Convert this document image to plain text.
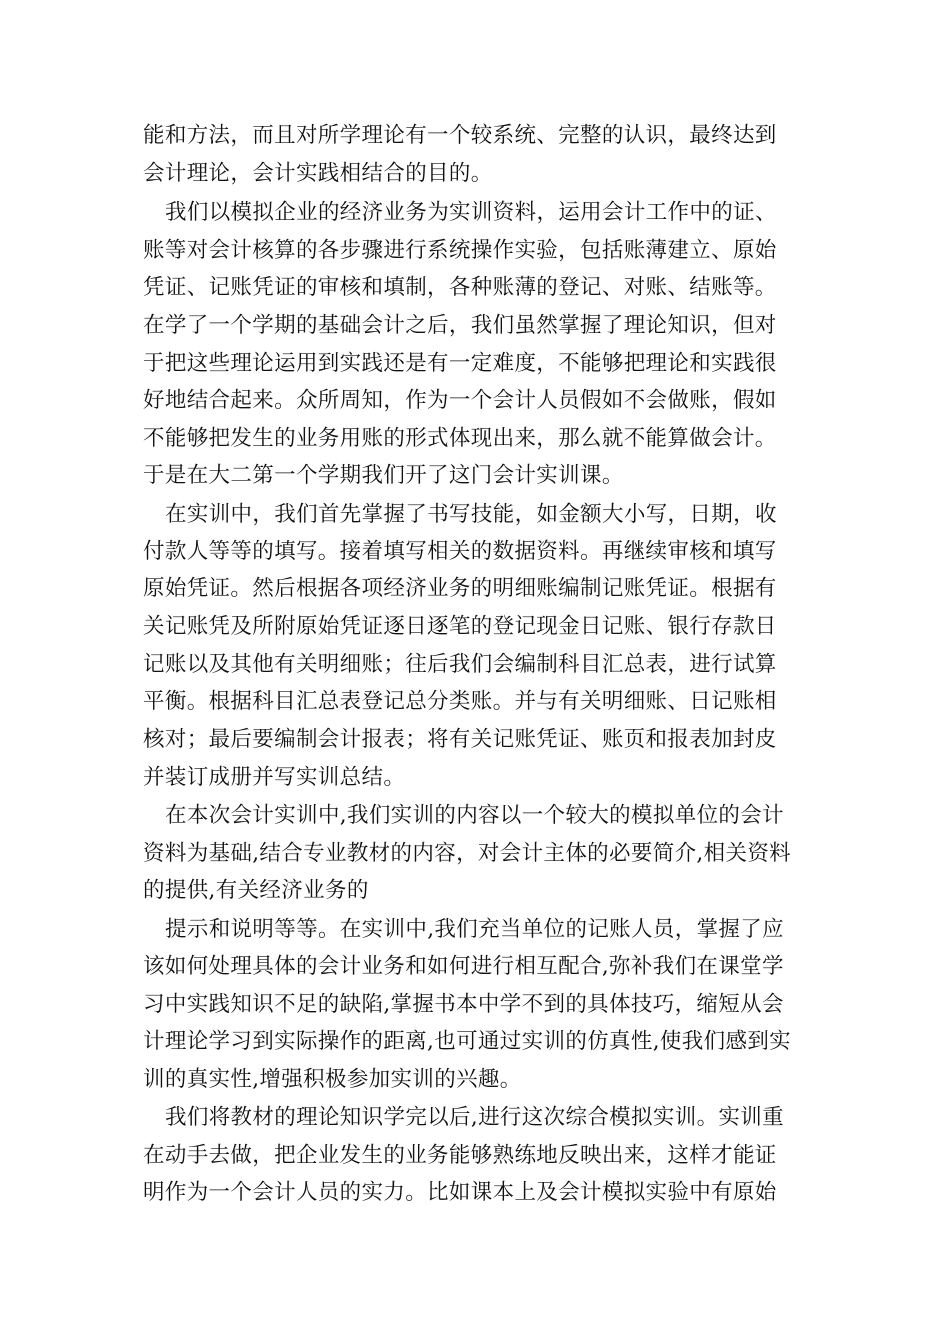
能和方法，而且对所学理论有一个较系统、完整的认识，最终达到

会计理论，会计实践相结合的目的。

我们以模拟企业的经济业务为实训资料，运用会计工作中的证、

账等对会计核算的各步骤进行系统操作实验，包括账薄建立、原始

凭证、记账凭证的审核和填制，各种账薄的登记、对账、结账等。

在学了一个学期的基础会计之后，我们虽然掌握了理论知识，但对

于把这些理论运用到实践还是有一定难度，不能够把理论和实践很

好地结合起来。众所周知，作为一个会计人员假如不会做账，假如

不能够把发生的业务用账的形式体现出来，那么就不能算做会计。

于是在大二第一个学期我们开了这门会计实训课。

在实训中，我们首先掌握了书写技能，如金额大小写，日期，收

付款人等等的填写。接着填写相关的数据资料。再继续审核和填写

原始凭证。然后根据各项经济业务的明细账编制记账凭证。根据有

关记账凭及所附原始凭证逐日逐笔的登记现金日记账、银行存款日

记账以及其他有关明细账；往后我们会编制科目汇总表，进行试算

平衡。根据科目汇总表登记总分类账。并与有关明细账、日记账相

核对；最后要编制会计报表；将有关记账凭证、账页和报表加封皮

并装订成册并写实训总结。

在本次会计实训中,我们实训的内容以一个较大的模拟单位的会计

资料为基础,结合专业教材的内容，对会计主体的必要简介,相关资料

的提供,有关经济业务的

提示和说明等等。在实训中,我们充当单位的记账人员，掌握了应

该如何处理具体的会计业务和如何进行相互配合,弥补我们在课堂学

习中实践知识不足的缺陷,掌握书本中学不到的具体技巧，缩短从会

计理论学习到实际操作的距离,也可通过实训的仿真性,使我们感到实

训的真实性,增强积极参加实训的兴趣。

我们将教材的理论知识学完以后,进行这次综合模拟实训。实训重

在动手去做，把企业发生的业务能够熟练地反映出来，这样才能证

明作为一个会计人员的实力。比如课本上及会计模拟实验中有原始
